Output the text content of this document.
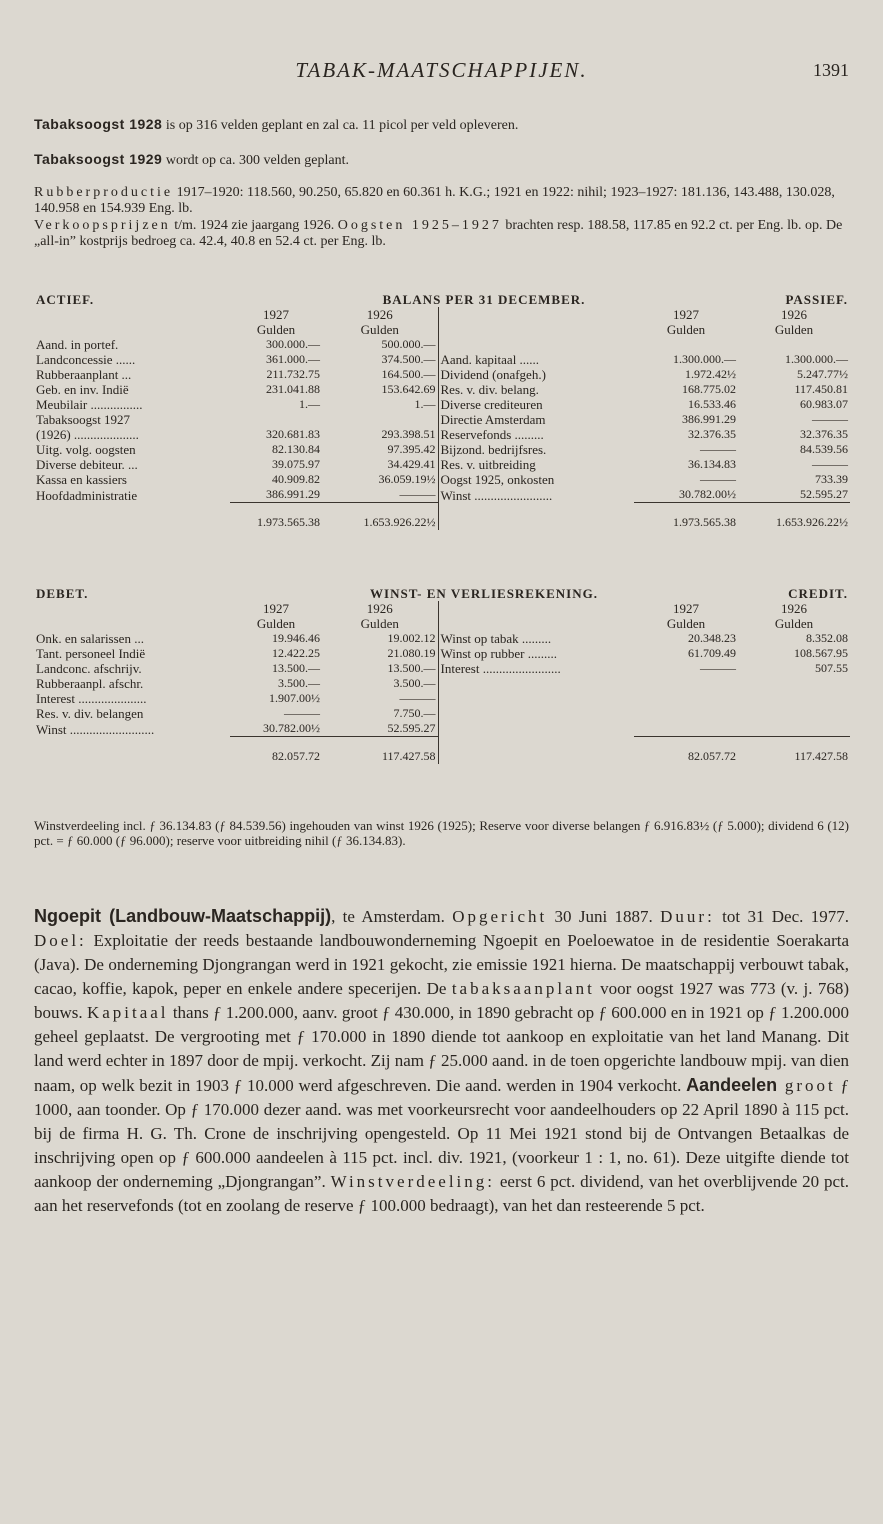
TABAK-MAATSCHAPPIJEN.	1391

Tabaksoogst 1928 is op 316 velden geplant en zal ca. 11 picol per veld opleveren.

Tabaksoogst 1929 wordt op ca. 300 velden geplant.

Rubberproductie 1917–1920: 118.560, 90.250, 65.820 en 60.361 h. K.G.; 1921 en 1922: nihil; 1923–1927: 181.136, 143.488, 130.028, 140.958 en 154.939 Eng. lb.

Verkoopsprijzen t/m. 1924 zie jaargang 1926. Oogsten 1925–1927 brachten resp. 188.58, 117.85 en 92.2 ct. per Eng. lb. op. De „all-in” kostprijs bedroeg ca. 42.4, 40.8 en 52.4 ct. per Eng. lb.

ACTIEF.	BALANS PER 31 DECEMBER.				PASSIEF.
	1927	1926		1927	1926
	Gulden	Gulden		Gulden	Gulden
Aand. in portef.	300.000.—	500.000.—			
Landconcessie ......	361.000.—	374.500.—	Aand. kapitaal ......	1.300.000.—	1.300.000.—
Rubberaanplant ...	211.732.75	164.500.—	Dividend (onafgeh.)	1.972.42½	5.247.77½
Geb. en inv. Indië	231.041.88	153.642.69	Res. v. div. belang.	168.775.02	117.450.81
Meubilair ................	1.—	1.—	Diverse crediteuren	16.533.46	60.983.07
Tabaksoogst 1927			Directie Amsterdam	386.991.29	———
(1926) ....................	320.681.83	293.398.51	Reservefonds .........	32.376.35	32.376.35
Uitg. volg. oogsten	82.130.84	97.395.42	Bijzond. bedrijfsres.	———	84.539.56
Diverse debiteur. ...	39.075.97	34.429.41	Res. v. uitbreiding	36.134.83	———
Kassa en kassiers	40.909.82	36.059.19½	Oogst 1925, onkosten	———	733.39
Hoofdadministratie	386.991.29	———	Winst ........................	30.782.00½	52.595.27
	1.973.565.38	1.653.926.22½		1.973.565.38	1.653.926.22½
DEBET.	WINST- EN VERLIESREKENING.				CREDIT.
	1927	1926		1927	1926
	Gulden	Gulden		Gulden	Gulden
Onk. en salarissen ...	19.946.46	19.002.12	Winst op tabak .........	20.348.23	8.352.08
Tant. personeel Indië	12.422.25	21.080.19	Winst op rubber .........	61.709.49	108.567.95
Landconc. afschrijv.	13.500.—	13.500.—	Interest ........................	———	507.55
Rubberaanpl. afschr.	3.500.—	3.500.—			
Interest .....................	1.907.00½	———			
Res. v. div. belangen	———	7.750.—			
Winst ..........................	30.782.00½	52.595.27			
	82.057.72	117.427.58		82.057.72	117.427.58

Winstverdeeling incl. ƒ 36.134.83 (ƒ 84.539.56) ingehouden van winst 1926 (1925); Reserve voor diverse belangen ƒ 6.916.83½ (ƒ 5.000); dividend 6 (12) pct. = ƒ 60.000 (ƒ 96.000); reserve voor uitbreiding nihil (ƒ 36.134.83).

Ngoepit (Landbouw-Maatschappij), te Amsterdam. Opgericht 30 Juni 1887. Duur: tot 31 Dec. 1977. Doel: Exploitatie der reeds bestaande landbouwonderneming Ngoepit en Poeloewatoe in de residentie Soerakarta (Java). De onderneming Djongrangan werd in 1921 gekocht, zie emissie 1921 hierna. De maatschappij verbouwt tabak, cacao, koffie, kapok, peper en enkele andere specerijen. De tabaksaanplant voor oogst 1927 was 773 (v. j. 768) bouws. Kapitaal thans ƒ 1.200.000, aanv. groot ƒ 430.000, in 1890 gebracht op ƒ 600.000 en in 1921 op ƒ 1.200.000 geheel geplaatst. De vergrooting met ƒ 170.000 in 1890 diende tot aankoop en exploitatie van het land Manang. Dit land werd echter in 1897 door de mpij. verkocht. Zij nam ƒ 25.000 aand. in de toen opgerichte landbouw mpij. van dien naam, op welk bezit in 1903 ƒ 10.000 werd afgeschreven. Die aand. werden in 1904 verkocht. Aandeelen groot ƒ 1000, aan toonder. Op ƒ 170.000 dezer aand. was met voorkeursrecht voor aandeelhouders op 22 April 1890 à 115 pct. bij de firma H. G. Th. Crone de inschrijving opengesteld. Op 11 Mei 1921 stond bij de Ontvangen Betaalkas de inschrijving open op ƒ 600.000 aandeelen à 115 pct. incl. div. 1921, (voorkeur 1 : 1, no. 61). Deze uitgifte diende tot aankoop der onderneming „Djongrangan”. Winstverdeeling: eerst 6 pct. dividend, van het overblijvende 20 pct. aan het reservefonds (tot en zoolang de reserve ƒ 100.000 bedraagt), van het dan resteerende 5 pct.
